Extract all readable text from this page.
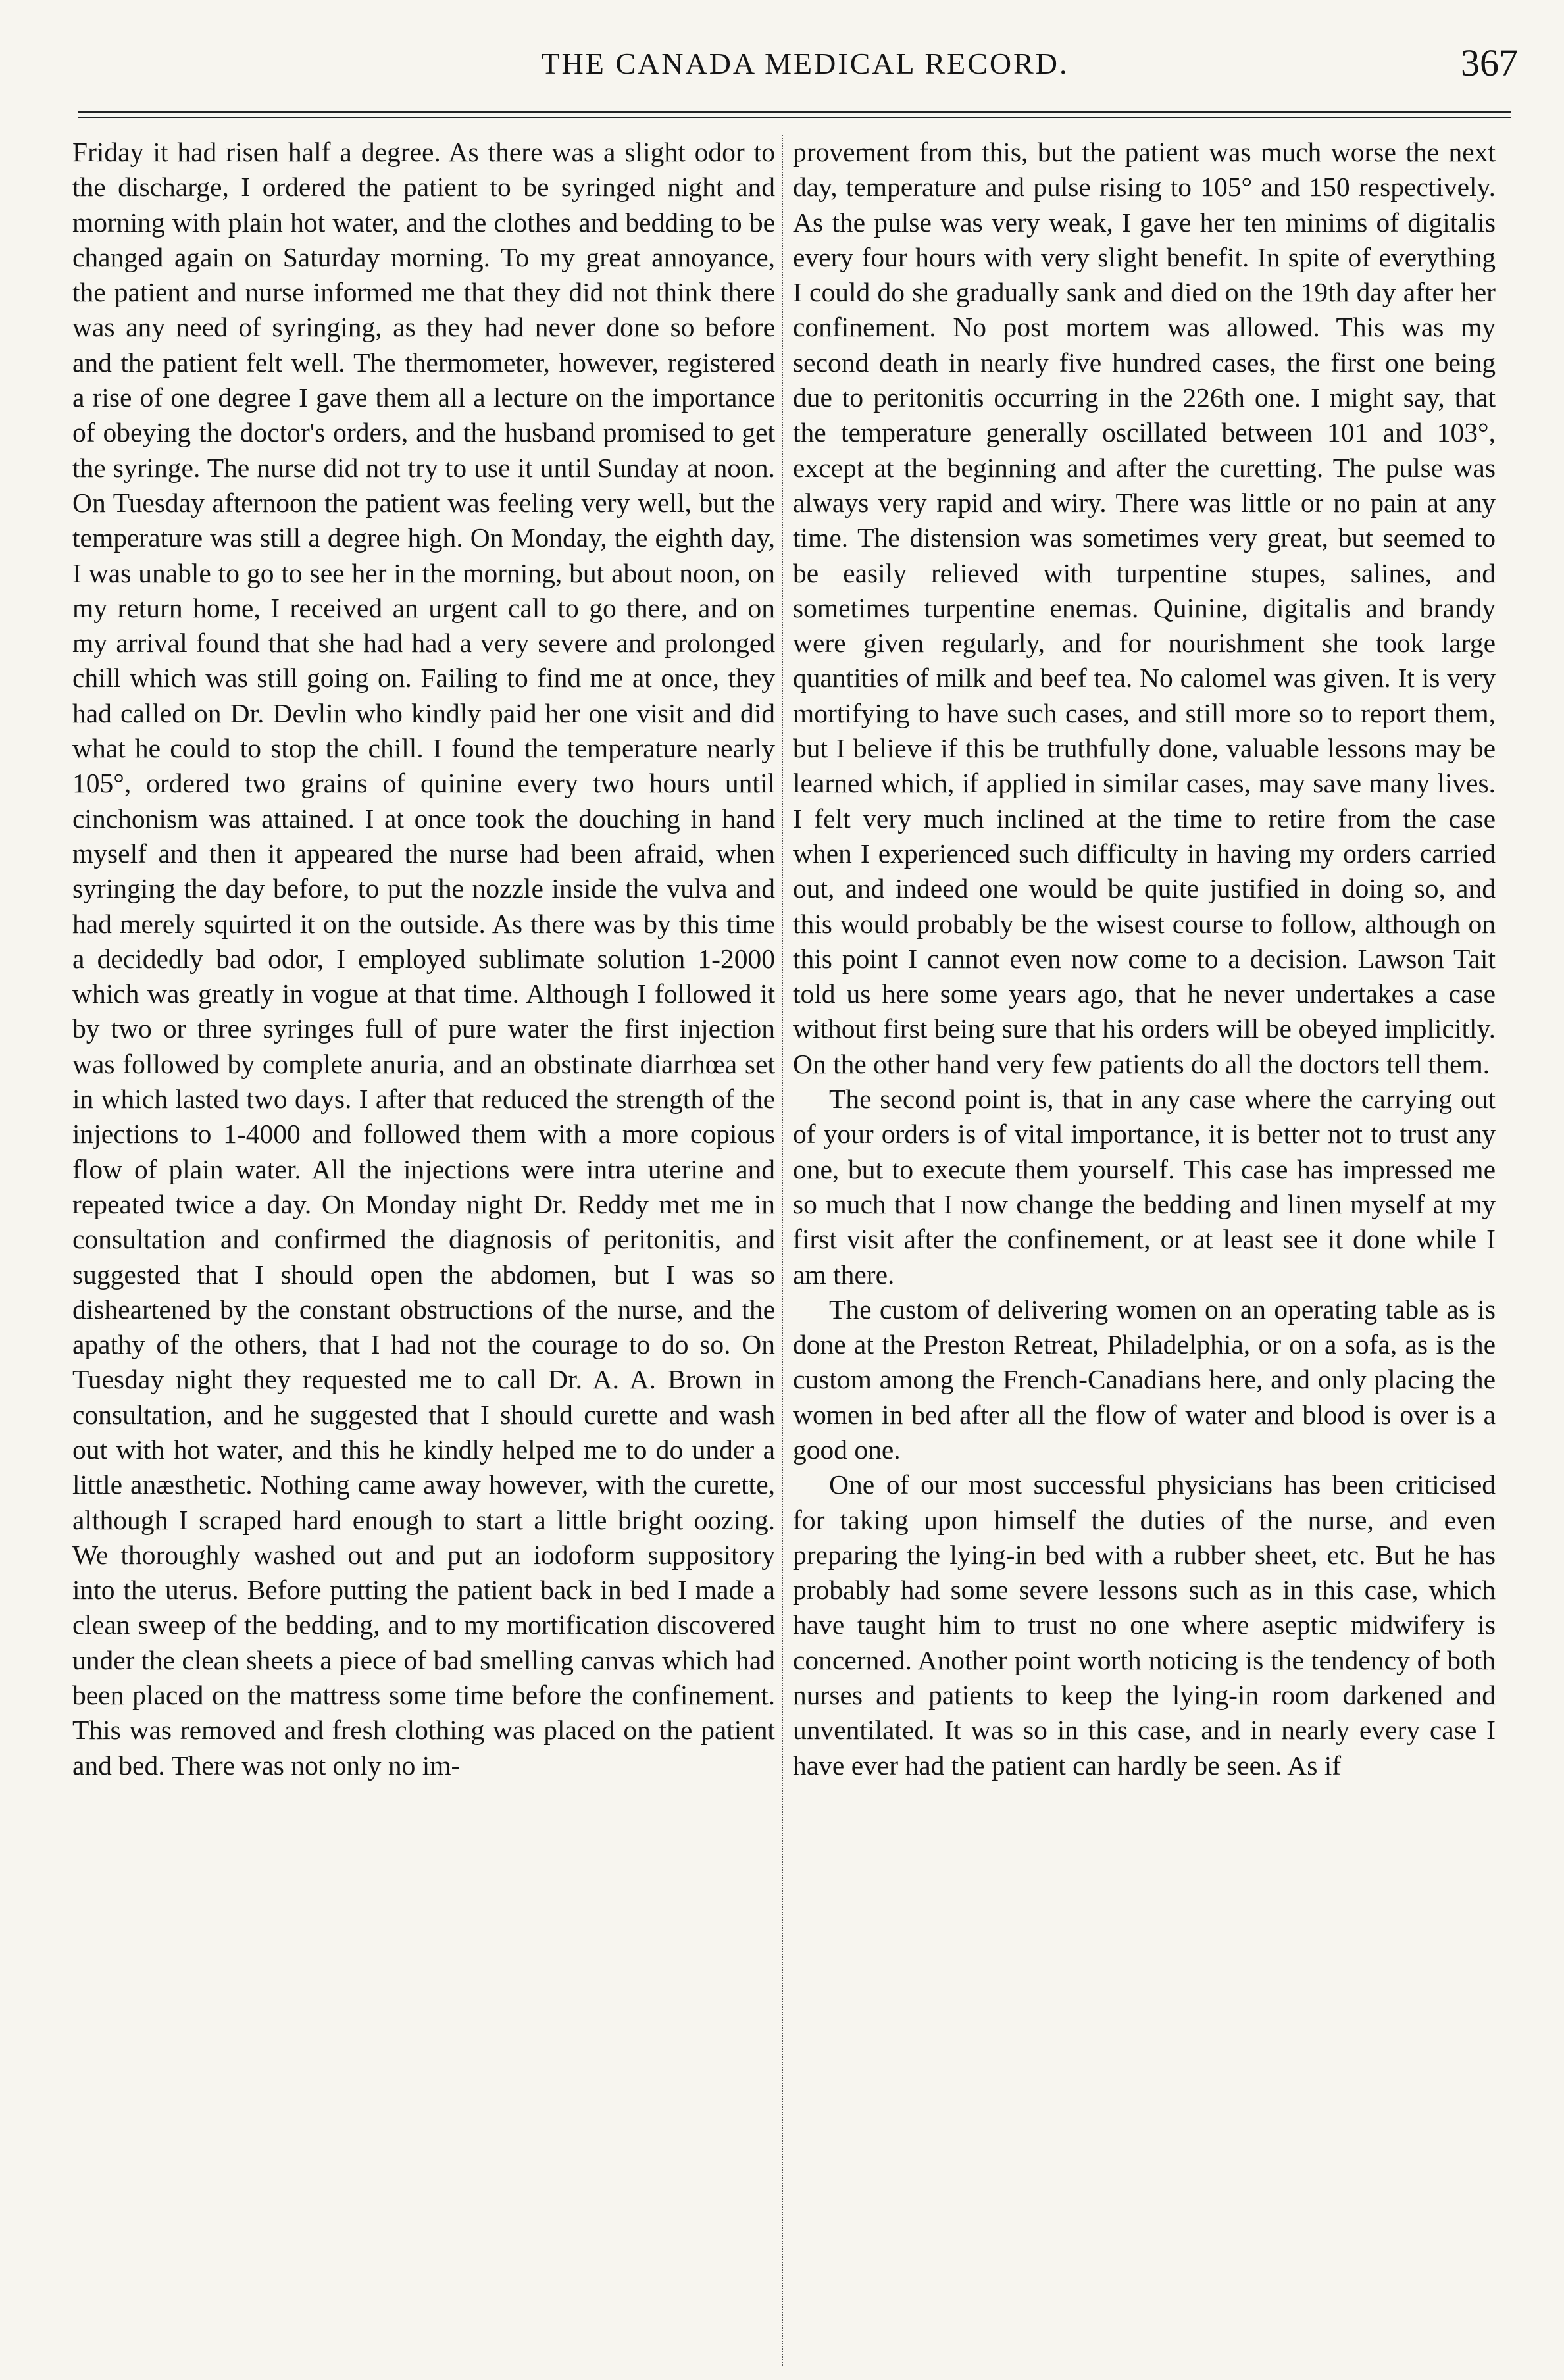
THE CANADA MEDICAL RECORD.	367

Friday it had risen half a degree. As there was a slight odor to the discharge, I ordered the patient to be syringed night and morning with plain hot water, and the clothes and bedding to be changed again on Saturday morning. To my great annoyance, the patient and nurse informed me that they did not think there was any need of syringing, as they had never done so before and the patient felt well. The thermometer, however, registered a rise of one degree I gave them all a lecture on the importance of obeying the doctor's orders, and the husband promised to get the syringe. The nurse did not try to use it until Sunday at noon. On Tuesday afternoon the patient was feeling very well, but the temperature was still a degree high. On Monday, the eighth day, I was unable to go to see her in the morning, but about noon, on my return home, I received an urgent call to go there, and on my arrival found that she had had a very severe and prolonged chill which was still going on. Failing to find me at once, they had called on Dr. Devlin who kindly paid her one visit and did what he could to stop the chill. I found the temperature nearly 105°, ordered two grains of quinine every two hours until cinchonism was attained. I at once took the douching in hand myself and then it appeared the nurse had been afraid, when syringing the day before, to put the nozzle inside the vulva and had merely squirted it on the outside. As there was by this time a decidedly bad odor, I employed sublimate solution 1-2000 which was greatly in vogue at that time. Although I followed it by two or three syringes full of pure water the first injection was followed by complete anuria, and an obstinate diarrhœa set in which lasted two days. I after that reduced the strength of the injections to 1-4000 and followed them with a more copious flow of plain water. All the injections were intra uterine and repeated twice a day. On Monday night Dr. Reddy met me in consultation and confirmed the diagnosis of peritonitis, and suggested that I should open the abdomen, but I was so disheartened by the constant obstructions of the nurse, and the apathy of the others, that I had not the courage to do so. On Tuesday night they requested me to call Dr. A. A. Brown in consultation, and he suggested that I should curette and wash out with hot water, and this he kindly helped me to do under a little anæsthetic. Nothing came away however, with the curette, although I scraped hard enough to start a little bright oozing. We thoroughly washed out and put an iodoform suppository into the uterus. Before putting the patient back in bed I made a clean sweep of the bedding, and to my mortification discovered under the clean sheets a piece of bad smelling canvas which had been placed on the mattress some time before the confinement. This was removed and fresh clothing was placed on the patient and bed. There was not only no im-

provement from this, but the patient was much worse the next day, temperature and pulse rising to 105° and 150 respectively. As the pulse was very weak, I gave her ten minims of digitalis every four hours with very slight benefit. In spite of everything I could do she gradually sank and died on the 19th day after her confinement. No post mortem was allowed. This was my second death in nearly five hundred cases, the first one being due to peritonitis occurring in the 226th one. I might say, that the temperature generally oscillated between 101 and 103°, except at the beginning and after the curetting. The pulse was always very rapid and wiry. There was little or no pain at any time. The distension was sometimes very great, but seemed to be easily relieved with turpentine stupes, salines, and sometimes turpentine enemas. Quinine, digitalis and brandy were given regularly, and for nourishment she took large quantities of milk and beef tea. No calomel was given. It is very mortifying to have such cases, and still more so to report them, but I believe if this be truthfully done, valuable lessons may be learned which, if applied in similar cases, may save many lives. I felt very much inclined at the time to retire from the case when I experienced such difficulty in having my orders carried out, and indeed one would be quite justified in doing so, and this would probably be the wisest course to follow, although on this point I cannot even now come to a decision. Lawson Tait told us here some years ago, that he never undertakes a case without first being sure that his orders will be obeyed implicitly. On the other hand very few patients do all the doctors tell them.

The second point is, that in any case where the carrying out of your orders is of vital importance, it is better not to trust any one, but to execute them yourself. This case has impressed me so much that I now change the bedding and linen myself at my first visit after the confinement, or at least see it done while I am there.

The custom of delivering women on an operating table as is done at the Preston Retreat, Philadelphia, or on a sofa, as is the custom among the French-Canadians here, and only placing the women in bed after all the flow of water and blood is over is a good one.

One of our most successful physicians has been criticised for taking upon himself the duties of the nurse, and even preparing the lying-in bed with a rubber sheet, etc. But he has probably had some severe lessons such as in this case, which have taught him to trust no one where aseptic midwifery is concerned. Another point worth noticing is the tendency of both nurses and patients to keep the lying-in room darkened and unventilated. It was so in this case, and in nearly every case I have ever had the patient can hardly be seen. As if
